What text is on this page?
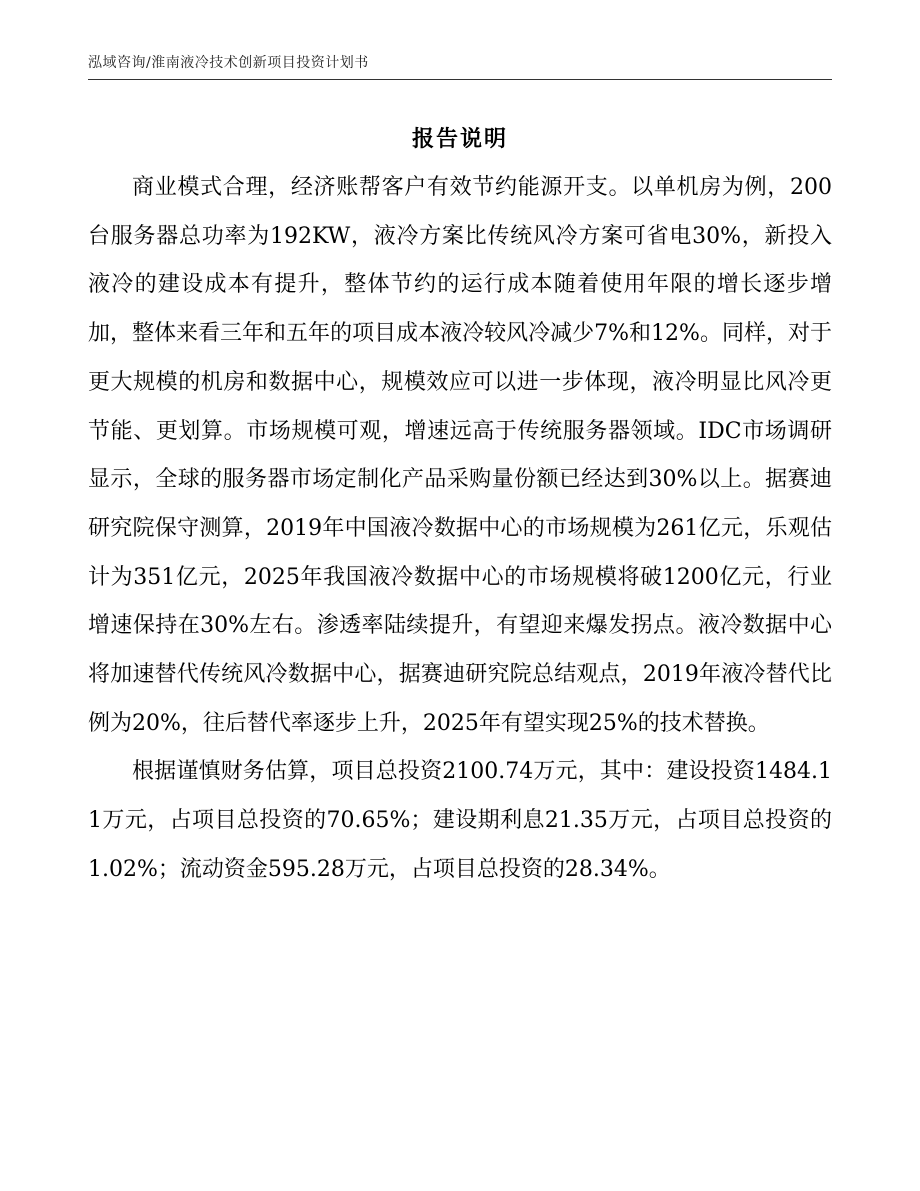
泓域咨询/淮南液冷技术创新项目投资计划书
报告说明

商业模式合理，经济账帮客户有效节约能源开支。以单机房为例，200台服务器总功率为192KW，液冷方案比传统风冷方案可省电30%，新投入液冷的建设成本有提升，整体节约的运行成本随着使用年限的增长逐步增加，整体来看三年和五年的项目成本液冷较风冷减少7%和12%。同样，对于更大规模的机房和数据中心，规模效应可以进一步体现，液冷明显比风冷更节能、更划算。市场规模可观，增速远高于传统服务器领域。IDC市场调研显示，全球的服务器市场定制化产品采购量份额已经达到30%以上。据赛迪研究院保守测算，2019年中国液冷数据中心的市场规模为261亿元，乐观估计为351亿元，2025年我国液冷数据中心的市场规模将破1200亿元，行业增速保持在30%左右。渗透率陆续提升，有望迎来爆发拐点。液冷数据中心将加速替代传统风冷数据中心，据赛迪研究院总结观点，2019年液冷替代比例为20%，往后替代率逐步上升，2025年有望实现25%的技术替换。

根据谨慎财务估算，项目总投资2100.74万元，其中：建设投资1484.11万元，占项目总投资的70.65%；建设期利息21.35万元，占项目总投资的1.02%；流动资金595.28万元，占项目总投资的28.34%。
